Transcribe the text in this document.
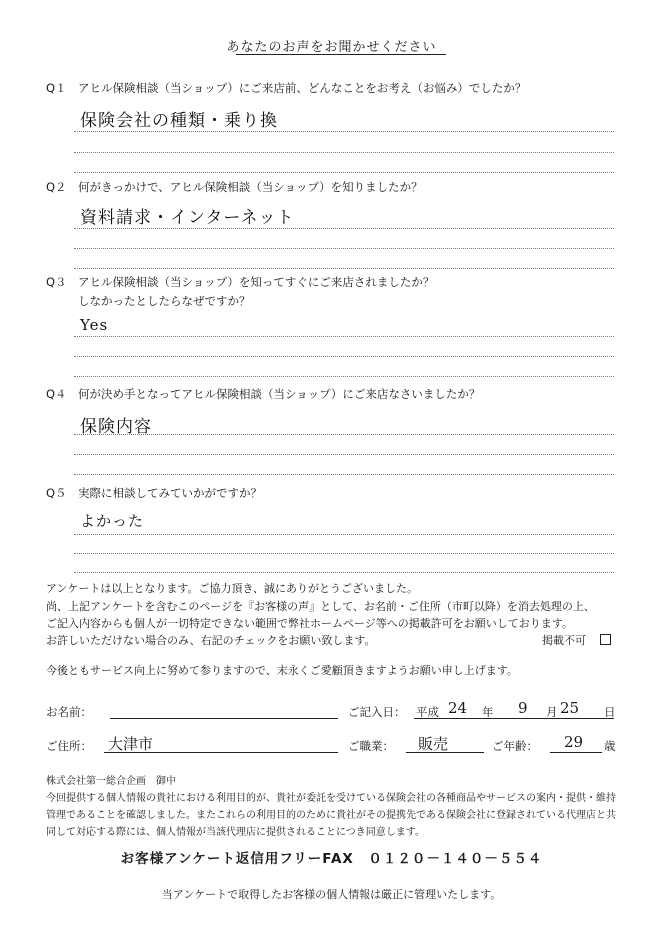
あなたのお声をお聞かせください
Q１ アヒル保険相談（当ショップ）にご来店前、どんなことをお考え（お悩み）でしたか？
保険会社の種類・乗り換
Q２ 何がきっかけで、アヒル保険相談（当ショップ）を知りましたか？
資料請求・インターネット
Q３ アヒル保険相談（当ショップ）を知ってすぐにご来店されましたか？
しなかったとしたらなぜですか？
Yes
Q４ 何が決め手となってアヒル保険相談（当ショップ）にご来店なさいましたか？
保険内容
Q５ 実際に相談してみていかがですか？
よかった
アンケートは以上となります。ご協力頂き、誠にありがとうございました。
尚、上記アンケートを含むこのページを『お客様の声』として、お名前・ご住所（市町以降）を消去処理の上、
ご記入内容からも個人が一切特定できない範囲で弊社ホームページ等への掲載許可をお願いしております。
お許しいただけない場合のみ、右記のチェックをお願い致します。	掲載不可
今後ともサービス向上に努めて参りますので、末永くご愛顧頂きますようお願い申し上げます。
お名前：	ご記入日： 平成 24 年 9 月 25 日
ご住所： 大津市	ご職業： 販売	ご年齢： 29 歳
株式会社第一総合企画　御中
今回提供する個人情報の貴社における利用目的が、貴社が委託を受けている保険会社の各種商品やサービスの案内・提供・維持
管理であることを確認しました。またこれらの利用目的のために貴社がその提携先である保険会社に登録されている代理店と共
同して対応する際には、個人情報が当該代理店に提供されることにつき同意します。
お客様アンケート返信用フリーFAX　０１２０－１４０－５５４
当アンケートで取得したお客様の個人情報は厳正に管理いたします。
